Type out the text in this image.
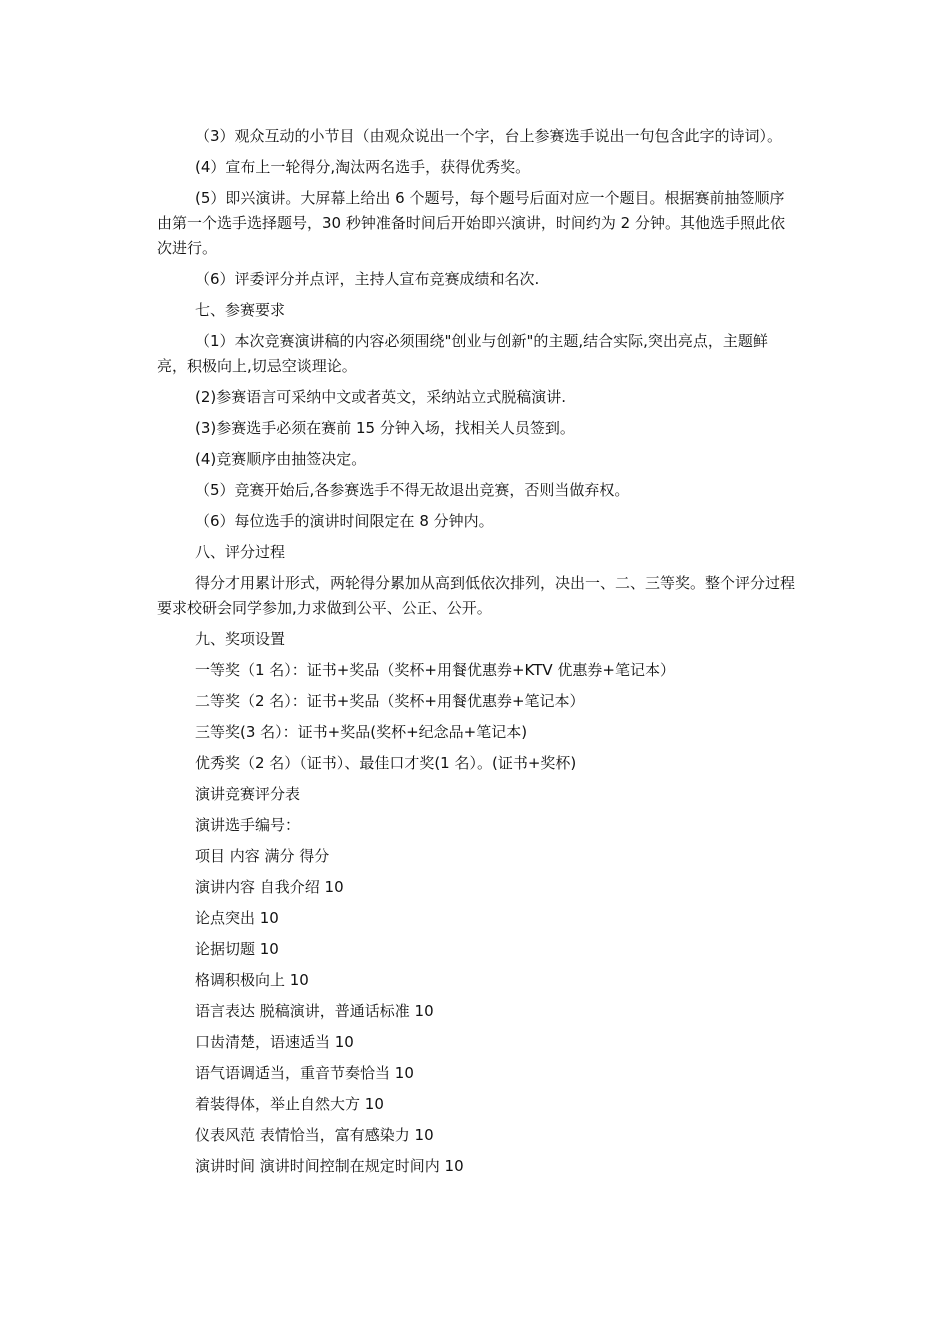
（3）观众互动的小节目（由观众说出一个字，台上参赛选手说出一句包含此字的诗词）。

(4）宣布上一轮得分,淘汰两名选手，获得优秀奖。

(5）即兴演讲。大屏幕上给出 6 个题号，每个题号后面对应一个题目。根据赛前抽签顺序由第一个选手选择题号，30 秒钟准备时间后开始即兴演讲，时间约为 2 分钟。其他选手照此依次进行。

（6）评委评分并点评，主持人宣布竞赛成绩和名次.

七、参赛要求

（1）本次竞赛演讲稿的内容必须围绕"创业与创新"的主题,结合实际,突出亮点，主题鲜亮，积极向上,切忌空谈理论。

(2)参赛语言可采纳中文或者英文，采纳站立式脱稿演讲.

(3)参赛选手必须在赛前 15 分钟入场，找相关人员签到。

(4)竞赛顺序由抽签决定。

（5）竞赛开始后,各参赛选手不得无故退出竞赛，否则当做弃权。

（6）每位选手的演讲时间限定在 8 分钟内。

八、评分过程

得分才用累计形式，两轮得分累加从高到低依次排列，决出一、二、三等奖。整个评分过程要求校研会同学参加,力求做到公平、公正、公开。

九、奖项设置

一等奖（1 名）：证书+奖品（奖杯+用餐优惠券+KTV 优惠券+笔记本）

二等奖（2 名）：证书+奖品（奖杯+用餐优惠券+笔记本）

三等奖(3 名）：证书+奖品(奖杯+纪念品+笔记本)

优秀奖（2 名）（证书）、最佳口才奖(1 名）。(证书+奖杯)

演讲竞赛评分表

演讲选手编号：

项目 内容 满分 得分

演讲内容 自我介绍 10

论点突出 10

论据切题 10

格调积极向上 10

语言表达 脱稿演讲，普通话标准 10

口齿清楚，语速适当 10

语气语调适当，重音节奏恰当 10

着装得体，举止自然大方 10

仪表风范 表情恰当，富有感染力 10

演讲时间 演讲时间控制在规定时间内 10
